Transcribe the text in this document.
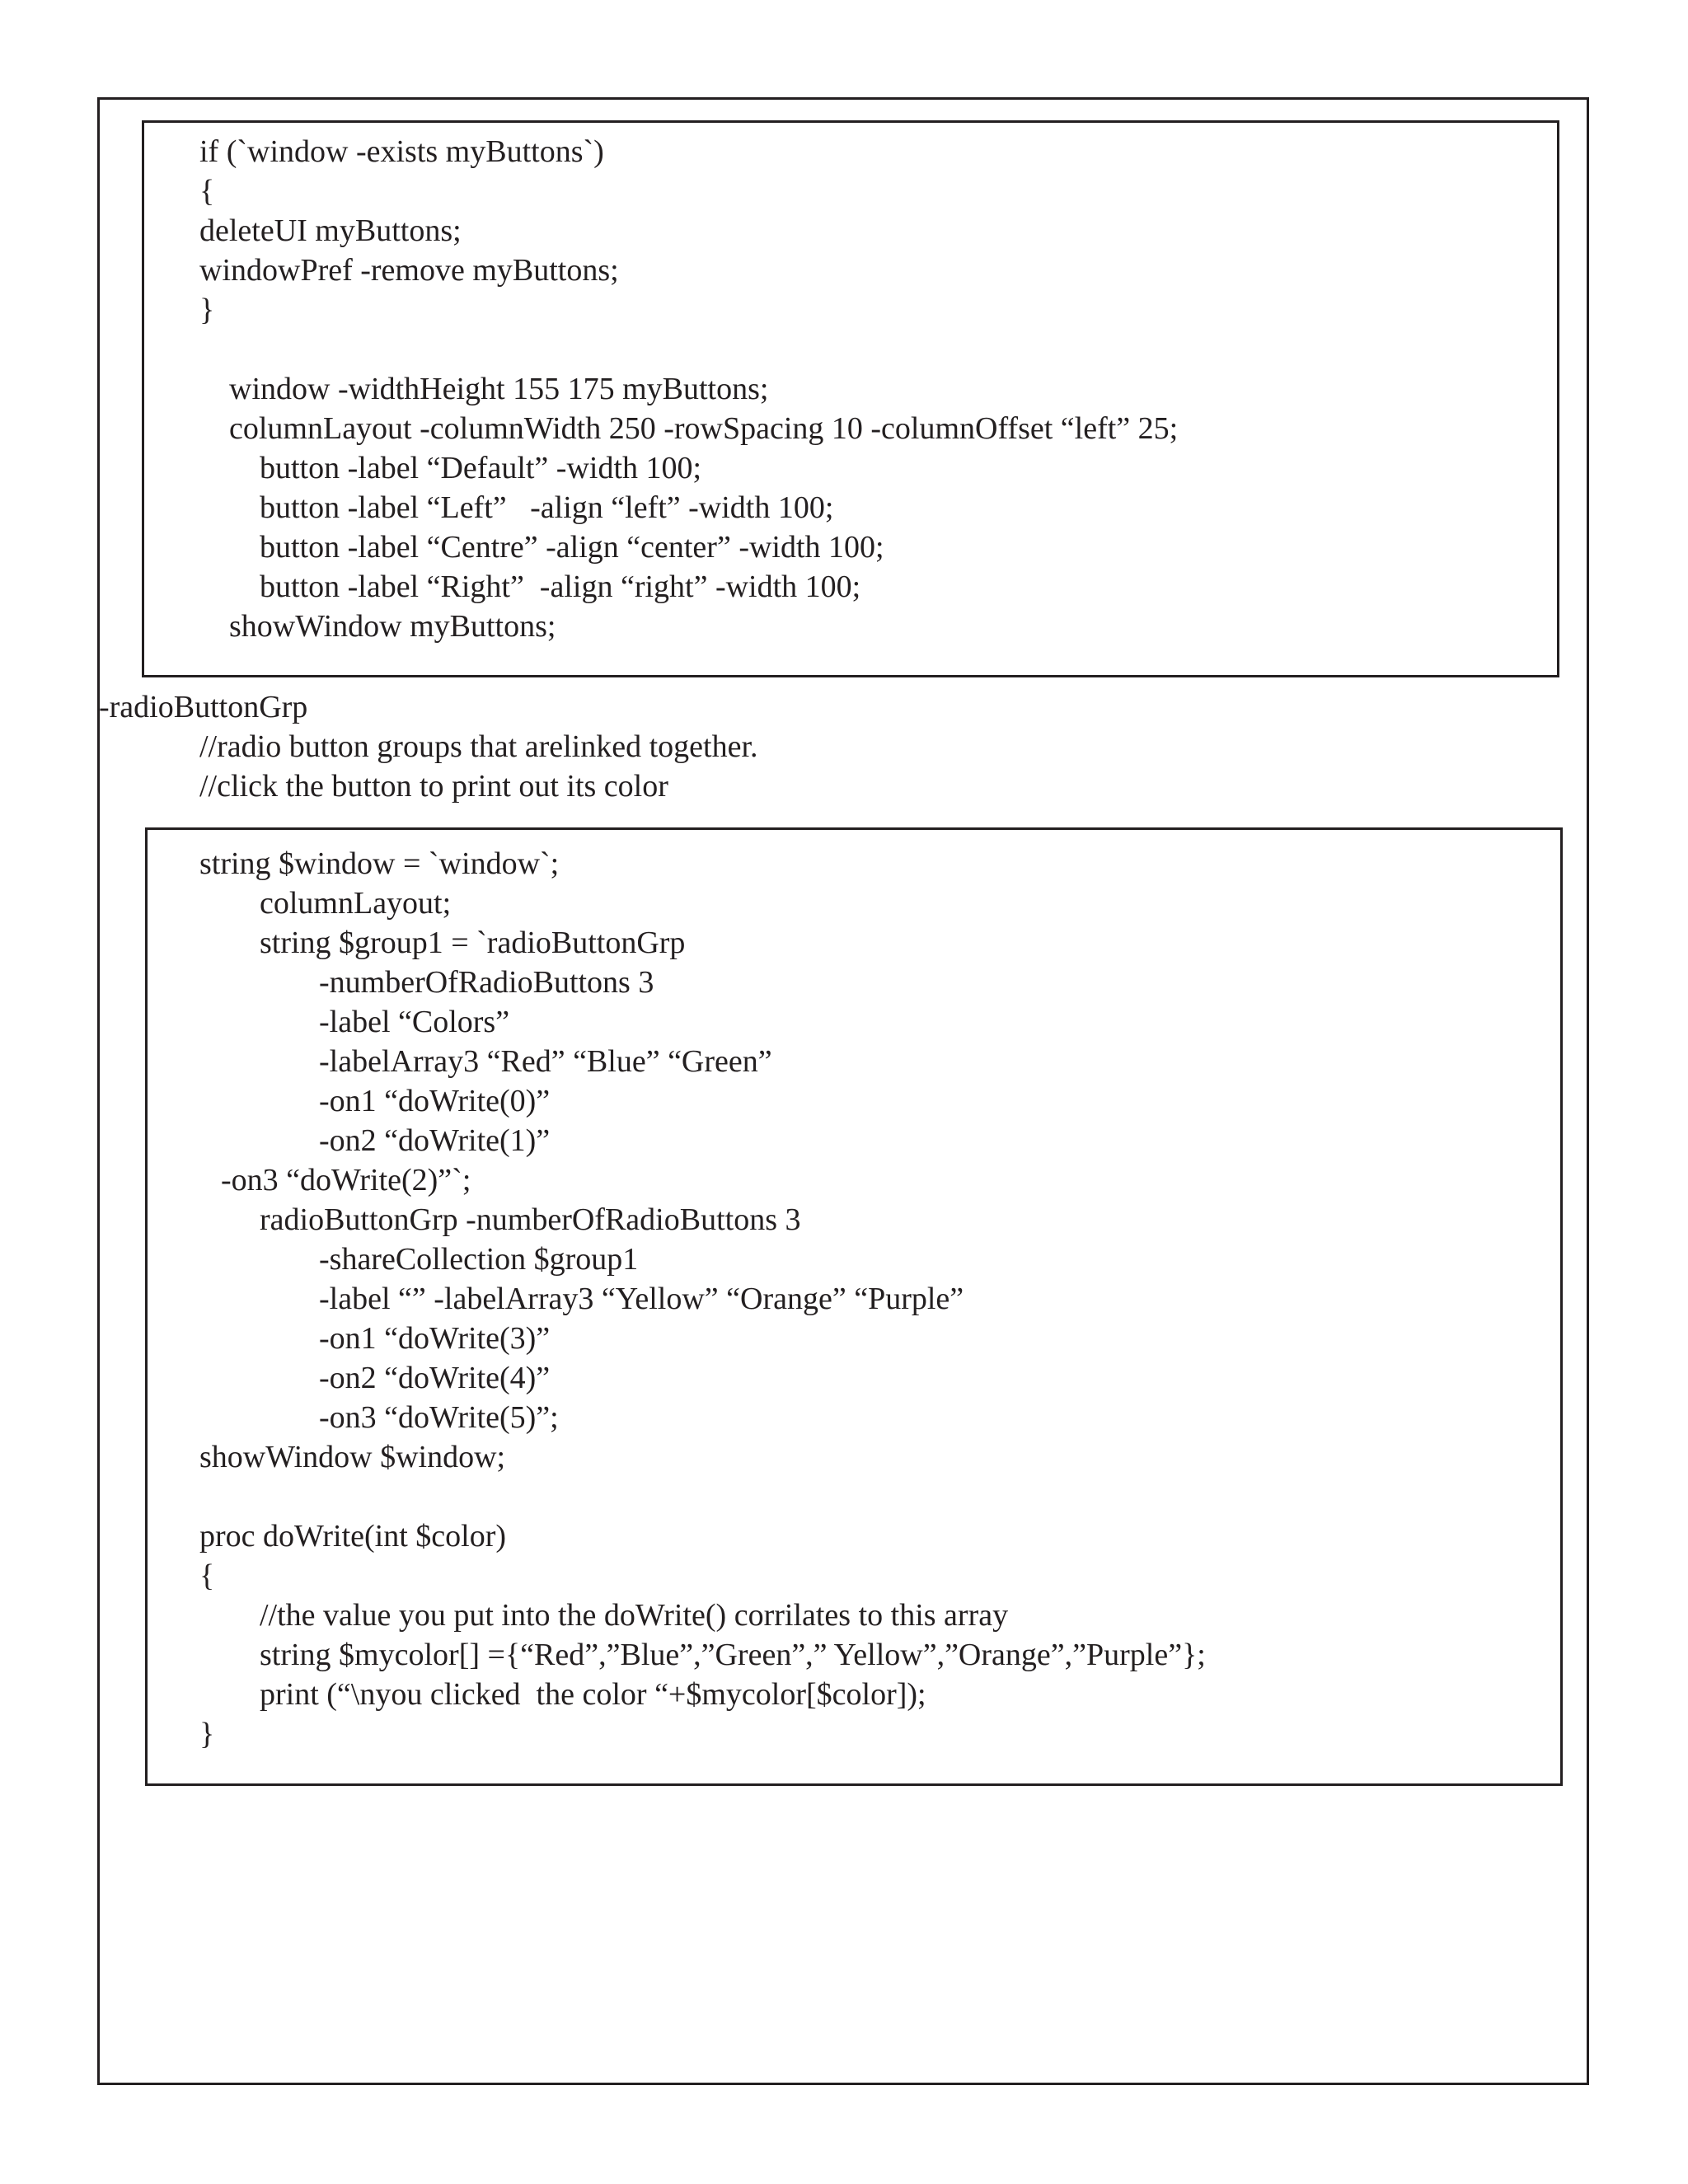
if (`window -exists myButtons`)
{
deleteUI myButtons;
windowPref -remove myButtons;
}
window -widthHeight 155 175 myButtons;
columnLayout -columnWidth 250 -rowSpacing 10 -columnOffset “left” 25;
button -label “Default” -width 100;
button -label “Left”   -align “left” -width 100;
button -label “Centre” -align “center” -width 100;
button -label “Right”  -align “right” -width 100;
showWindow myButtons;
-radioButtonGrp
//radio button groups that arelinked together.
//click the button to print out its color
string $window = `window`;
columnLayout;
string $group1 = `radioButtonGrp
-numberOfRadioButtons 3
-label “Colors”
-labelArray3 “Red” “Blue” “Green”
-on1 “doWrite(0)”
-on2 “doWrite(1)”
-on3 “doWrite(2)”`;
radioButtonGrp -numberOfRadioButtons 3
-shareCollection $group1
-label “” -labelArray3 “Yellow” “Orange” “Purple”
-on1 “doWrite(3)”
-on2 “doWrite(4)”
-on3 “doWrite(5)”;
showWindow $window;
proc doWrite(int $color)
{
//the value you put into the doWrite() corrilates to this array
string $mycolor[] ={“Red”,”Blue”,”Green”,” Yellow”,”Orange”,”Purple”};
print (“\nyou clicked  the color “+$mycolor[$color]);
}
